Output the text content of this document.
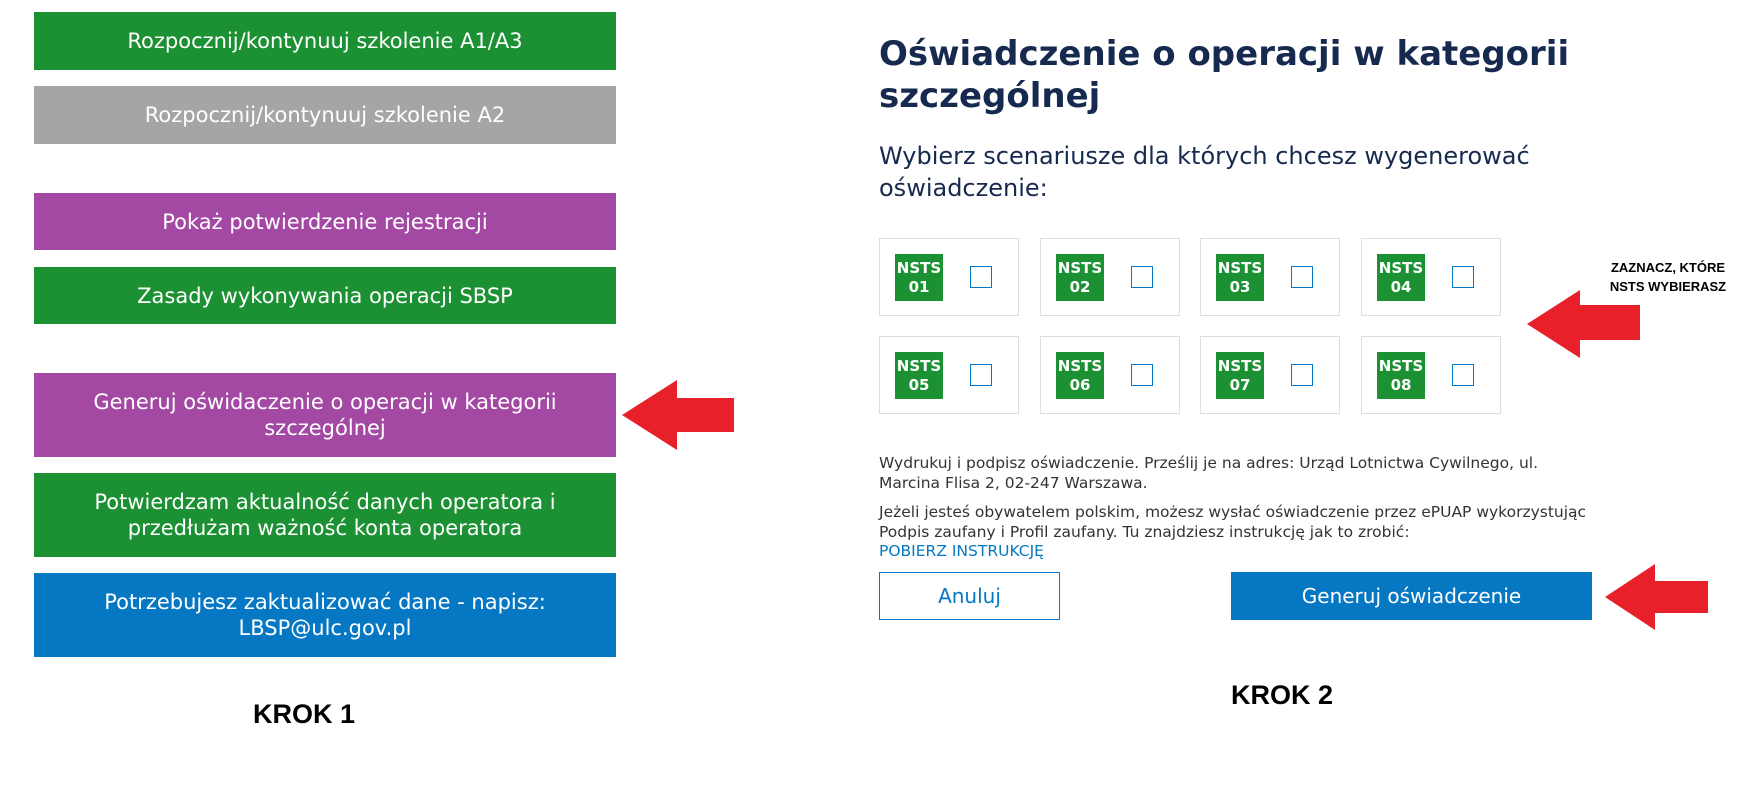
Rozpocznij/kontynuuj szkolenie A1/A3
Rozpocznij/kontynuuj szkolenie A2
Pokaż potwierdzenie rejestracji
Zasady wykonywania operacji SBSP
Generuj oświdaczenie o operacji w kategorii szczególnej
Potwierdzam aktualność danych operatora i przedłużam ważność konta operatora
Potrzebujesz zaktualizować dane - napisz: LBSP@ulc.gov.pl
KROK 1
Oświadczenie o operacji w kategorii szczególnej
Wybierz scenariusze dla których chcesz wygenerować oświadczenie:
NSTS
01
NSTS
02
NSTS
03
NSTS
04
NSTS
05
NSTS
06
NSTS
07
NSTS
08
ZAZNACZ, KTÓRE
NSTS WYBIERASZ
Wydrukuj i podpisz oświadczenie. Prześlij je na adres: Urząd Lotnictwa Cywilnego, ul. Marcina Flisa 2, 02-247 Warszawa.
Jeżeli jesteś obywatelem polskim, możesz wysłać oświadczenie przez ePUAP wykorzystując Podpis zaufany i Profil zaufany. Tu znajdziesz instrukcję jak to zrobić:
POBIERZ INSTRUKCJĘ
Anuluj	Generuj oświadczenie
KROK 2
